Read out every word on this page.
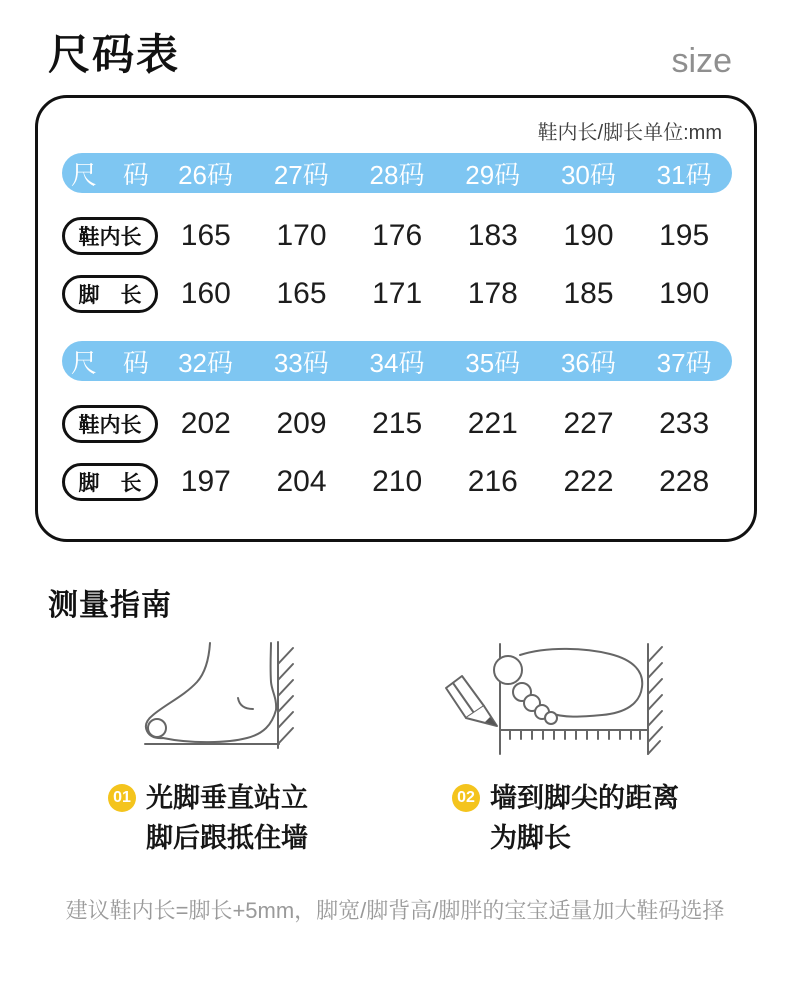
尺码表	size
鞋内长/脚长单位:mm
尺　码	26码	27码	28码	29码	30码	31码
鞋内长	165	170	176	183	190	195
脚　长	160	165	171	178	185	190
尺　码	32码	33码	34码	35码	36码	37码
鞋内长	202	209	215	221	227	233
脚　长	197	204	210	216	222	228
测量指南
01 光脚垂直站立
脚后跟抵住墙
02 墙到脚尖的距离
为脚长
建议鞋内长=脚长+5mm，脚宽/脚背高/脚胖的宝宝适量加大鞋码选择
